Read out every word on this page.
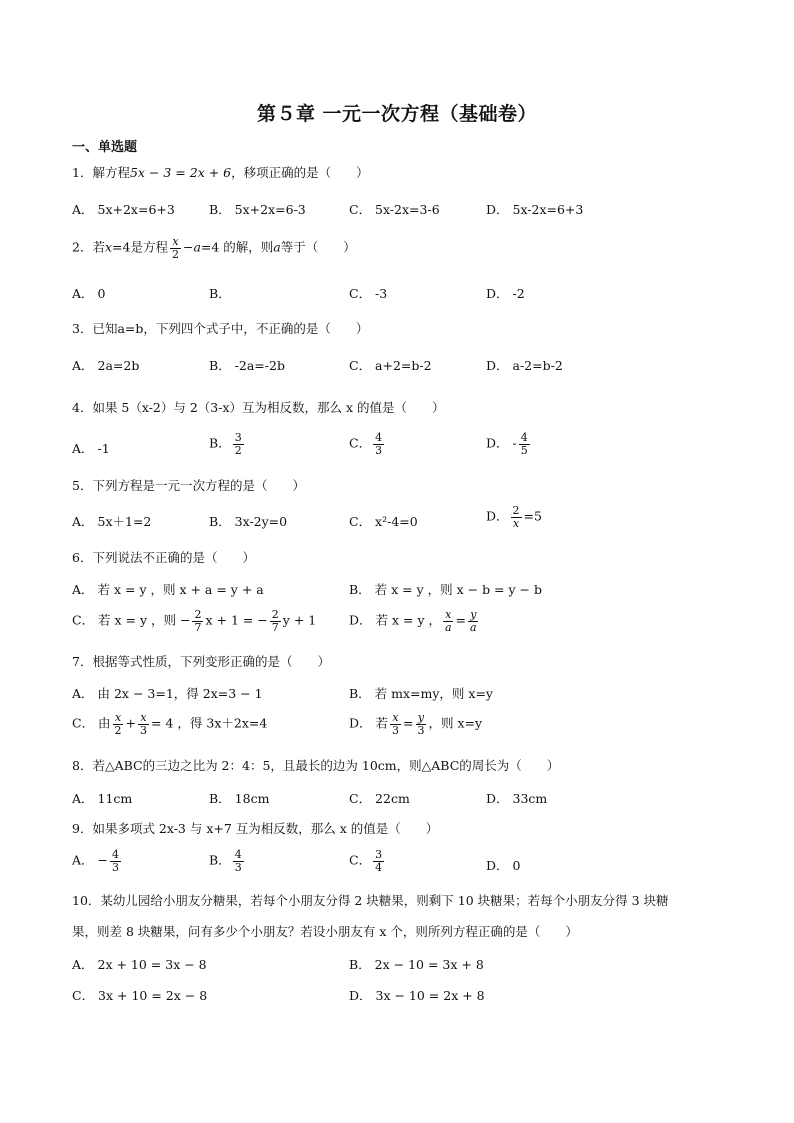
第５章 一元一次方程（基础卷）
一、单选题
1．解方程5x − 3 = 2x + 6，移项正确的是（　　）
A． 5x+2x=6+3	B． 5x+2x=6-3	C． 5x-2x=3-6	D． 5x-2x=6+3
2．若x=4是方程 $\frac{x}{2} -a=4$ 的解，则a等于（　　）
A． 0	B．	C． -3	D． -2
3．已知a=b，下列四个式子中，不正确的是（　　）
A． 2a=2b	B． -2a=-2b	C． a+2=b-2	D． a-2=b-2
4．如果 5（x-2）与 2（3-x）互为相反数，那么 x 的值是（　　）
A． -1	B． $\frac{3}{2}$	C． $\frac{4}{3}$	D． - $\frac{4}{5}$
5．下列方程是一元一次方程的是（　　）
A． 5x＋1=2	B． 3x-2y=0	C． x²-4=0	D． $\frac{2}{x} =5$
6．下列说法不正确的是（　　）
A． 若 x = y ，则 x + a = y + a	B． 若 x = y ，则 x − b = y − b
C． 若 x = y ，则 − $\frac{2}{7}$ x + 1 = − $\frac{2}{7}$ y + 1	D． 若 x = y ， $\frac{x}{a} = \frac{y}{a}$
7．根据等式性质，下列变形正确的是（　　）
A． 由 2x − 3=1，得 2x=3 − 1	B． 若 mx=my，则 x=y
C． 由 $\frac{x}{2} + \frac{x}{3} = 4$ ，得 3x＋2x=4	D． 若 $\frac{x}{3} = \frac{y}{3}$ ，则 x=y
8．若△ABC的三边之比为 2：4：5，且最长的边为 10cm，则△ABC的周长为（　　）
A． 11cm	B． 18cm	C． 22cm	D． 33cm
9．如果多项式 2x-3 与 x+7 互为相反数，那么 x 的值是（　　）
A． − $\frac{4}{3}$	B． $\frac{4}{3}$	C． $\frac{3}{4}$	D． 0
10．某幼儿园给小朋友分糖果，若每个小朋友分得 2 块糖果，则剩下 10 块糖果；若每个小朋友分得 3 块糖
果，则差 8 块糖果，问有多少个小朋友？若设小朋友有 x 个，则所列方程正确的是（　　）
A． 2x + 10 = 3x − 8	B． 2x − 10 = 3x + 8
C． 3x + 10 = 2x − 8	D． 3x − 10 = 2x + 8
